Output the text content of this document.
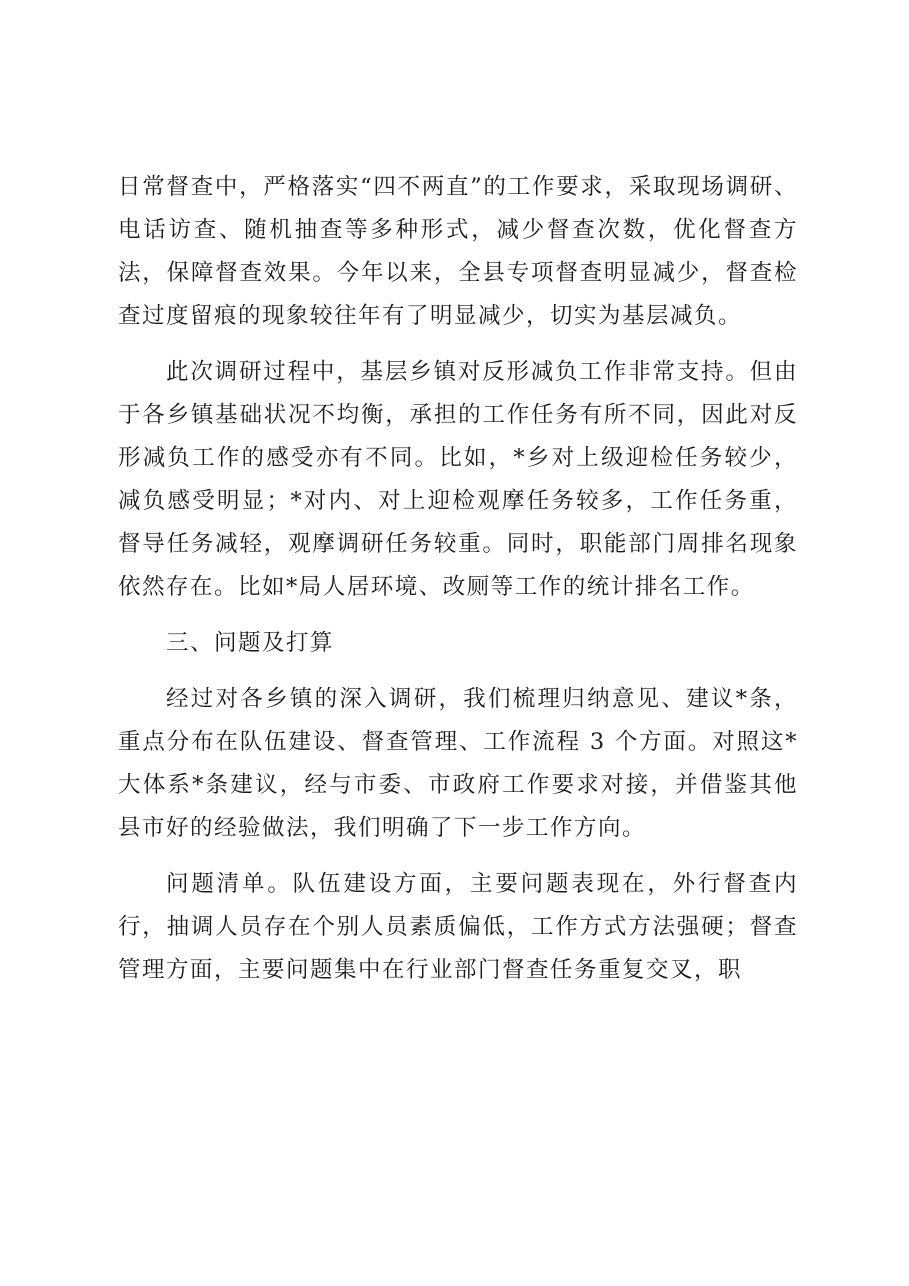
日常督查中，严格落实“四不两直”的工作要求，采取现场调研、电话访查、随机抽查等多种形式，减少督查次数，优化督查方法，保障督查效果。今年以来，全县专项督查明显减少，督查检查过度留痕的现象较往年有了明显减少，切实为基层减负。

此次调研过程中，基层乡镇对反形减负工作非常支持。但由于各乡镇基础状况不均衡，承担的工作任务有所不同，因此对反形减负工作的感受亦有不同。比如，*乡对上级迎检任务较少，减负感受明显；*对内、对上迎检观摩任务较多，工作任务重，督导任务减轻，观摩调研任务较重。同时，职能部门周排名现象依然存在。比如*局人居环境、改厕等工作的统计排名工作。

三、问题及打算

经过对各乡镇的深入调研，我们梳理归纳意见、建议*条，重点分布在队伍建设、督查管理、工作流程 3 个方面。对照这*大体系*条建议，经与市委、市政府工作要求对接，并借鉴其他县市好的经验做法，我们明确了下一步工作方向。

问题清单。队伍建设方面，主要问题表现在，外行督查内行，抽调人员存在个别人员素质偏低，工作方式方法强硬；督查管理方面，主要问题集中在行业部门督查任务重复交叉，职
